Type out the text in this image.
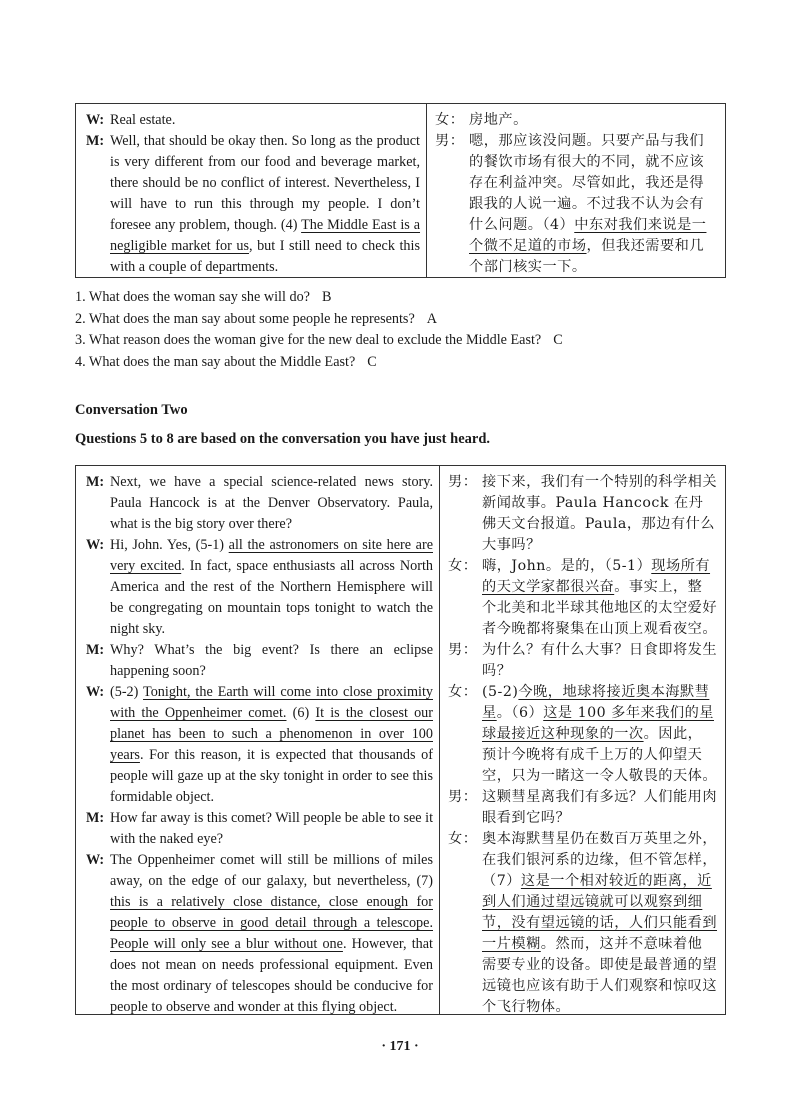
W: Real estate.
M: Well, that should be okay then. So long as the product is very different from our food and beverage market, there should be no conflict of interest. Nevertheless, I will have to run this through my people. I don’t foresee any problem, though. (4) The Middle East is a negligible market for us, but I still need to check this with a couple of departments.
女： 房地产。
男： 嗯，那应该没问题。只要产品与我们的餐饮市场有很大的不同，就不应该存在利益冲突。尽管如此，我还是得跟我的人说一遍。不过我不认为会有什么问题。（4）中东对我们来说是一个微不足道的市场，但我还需要和几个部门核实一下。
1. What does the woman say she will do? B
2. What does the man say about some people he represents? A
3. What reason does the woman give for the new deal to exclude the Middle East? C
4. What does the man say about the Middle East? C
Conversation Two
Questions 5 to 8 are based on the conversation you have just heard.
M: Next, we have a special science-related news story. Paula Hancock is at the Denver Observatory. Paula, what is the big story over there?
W: Hi, John. Yes, (5-1) all the astronomers on site here are very excited. In fact, space enthusiasts all across North America and the rest of the Northern Hemisphere will be congregating on mountain tops tonight to watch the night sky.
M: Why? What’s the big event? Is there an eclipse happening soon?
W: (5-2) Tonight, the Earth will come into close proximity with the Oppenheimer comet. (6) It is the closest our planet has been to such a phenomenon in over 100 years. For this reason, it is expected that thousands of people will gaze up at the sky tonight in order to see this formidable object.
M: How far away is this comet? Will people be able to see it with the naked eye?
W: The Oppenheimer comet will still be millions of miles away, on the edge of our galaxy, but nevertheless, (7) this is a relatively close distance, close enough for people to observe in good detail through a telescope. People will only see a blur without one. However, that does not mean on needs professional equipment. Even the most ordinary of telescopes should be conducive for people to observe and wonder at this flying object.
男： 接下来，我们有一个特别的科学相关新闻故事。Paula Hancock 在丹佛天文台报道。Paula，那边有什么大事吗？
女： 嗨，John。是的，（5-1）现场所有的天文学家都很兴奋。事实上，整个北美和北半球其他地区的太空爱好者今晚都将聚集在山顶上观看夜空。
男： 为什么？有什么大事？日食即将发生吗？
女： (5-2)今晚，地球将接近奥本海默彗星。（6）这是 100 多年来我们的星球最接近这种现象的一次。因此，预计今晚将有成千上万的人仰望天空，只为一睹这一令人敬畏的天体。
男： 这颗彗星离我们有多远？人们能用肉眼看到它吗？
女： 奥本海默彗星仍在数百万英里之外，在我们银河系的边缘，但不管怎样，（7）这是一个相对较近的距离，近到人们通过望远镜就可以观察到细节，没有望远镜的话，人们只能看到一片模糊。然而，这并不意味着他需要专业的设备。即使是最普通的望远镜也应该有助于人们观察和惊叹这个飞行物体。
· 171 ·
